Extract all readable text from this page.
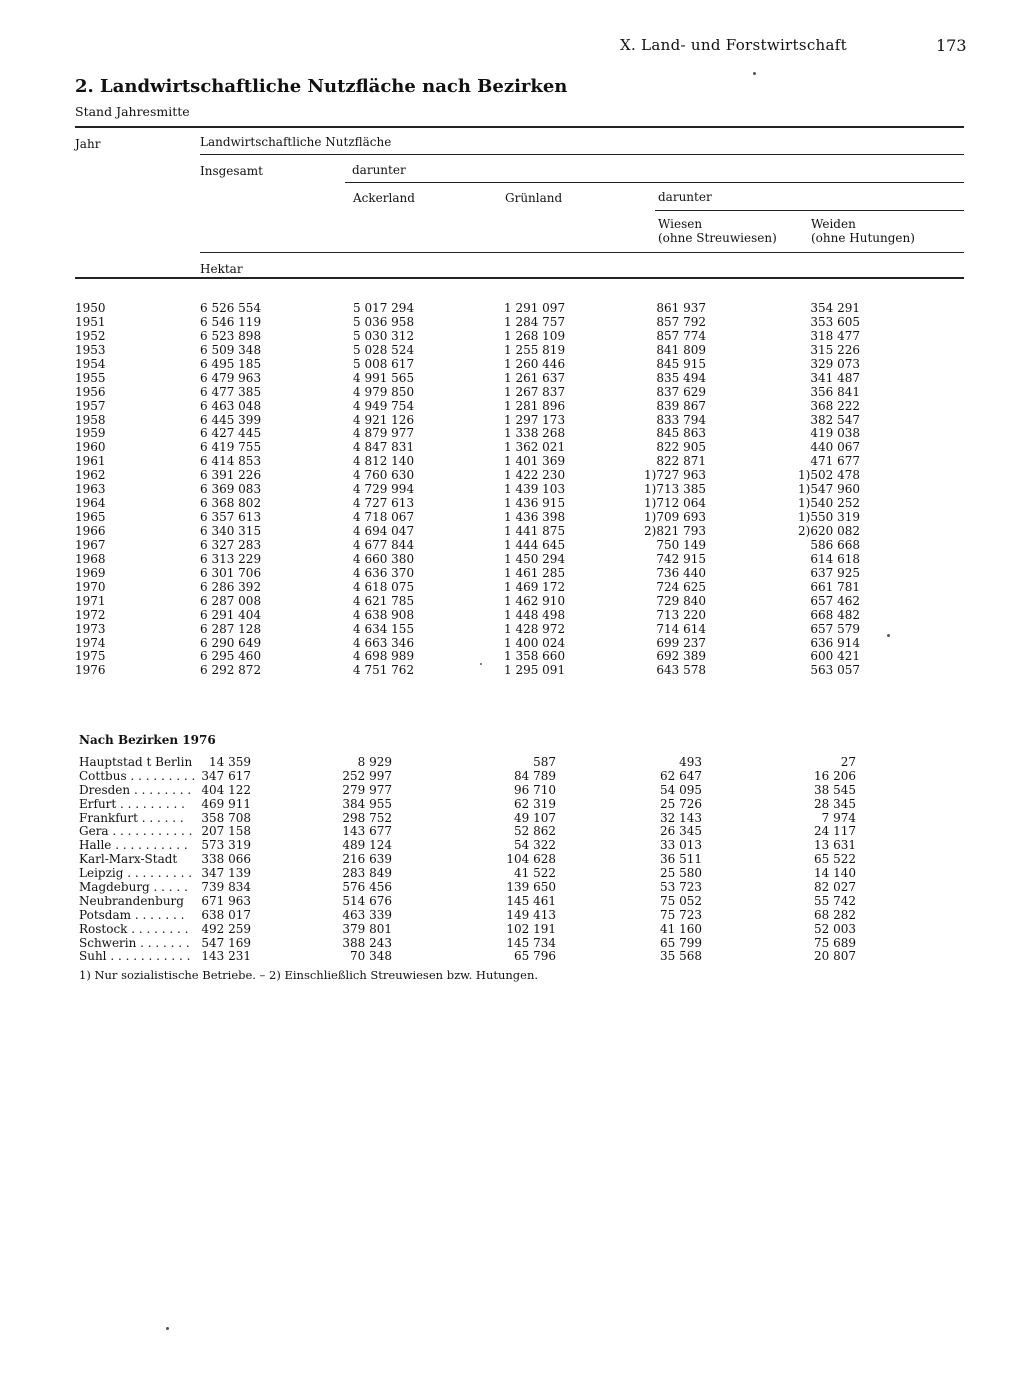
X. Land- und Forstwirtschaft	173
2. Landwirtschaftliche Nutzfläche nach Bezirken
Stand Jahresmitte
Jahr	Landwirtschaftliche Nutzfläche
Insgesamt	darunter
Ackerland	Grünland	darunter
Wiesen
(ohne Streuwiesen)
Weiden
(ohne Hutungen)
Hektar
1950	6 526 554	5 017 294	1 291 097	861 937	354 291
1951	6 546 119	5 036 958	1 284 757	857 792	353 605
1952	6 523 898	5 030 312	1 268 109	857 774	318 477
1953	6 509 348	5 028 524	1 255 819	841 809	315 226
1954	6 495 185	5 008 617	1 260 446	845 915	329 073
1955	6 479 963	4 991 565	1 261 637	835 494	341 487
1956	6 477 385	4 979 850	1 267 837	837 629	356 841
1957	6 463 048	4 949 754	1 281 896	839 867	368 222
1958	6 445 399	4 921 126	1 297 173	833 794	382 547
1959	6 427 445	4 879 977	1 338 268	845 863	419 038
1960	6 419 755	4 847 831	1 362 021	822 905	440 067
1961	6 414 853	4 812 140	1 401 369	822 871	471 677
1962	6 391 226	4 760 630	1 422 230	1)727 963	1)502 478
1963	6 369 083	4 729 994	1 439 103	1)713 385	1)547 960
1964	6 368 802	4 727 613	1 436 915	1)712 064	1)540 252
1965	6 357 613	4 718 067	1 436 398	1)709 693	1)550 319
1966	6 340 315	4 694 047	1 441 875	2)821 793	2)620 082
1967	6 327 283	4 677 844	1 444 645	750 149	586 668
1968	6 313 229	4 660 380	1 450 294	742 915	614 618
1969	6 301 706	4 636 370	1 461 285	736 440	637 925
1970	6 286 392	4 618 075	1 469 172	724 625	661 781
1971	6 287 008	4 621 785	1 462 910	729 840	657 462
1972	6 291 404	4 638 908	1 448 498	713 220	668 482
1973	6 287 128	4 634 155	1 428 972	714 614	657 579
1974	6 290 649	4 663 346	1 400 024	699 237	636 914
1975	6 295 460	4 698 989	1 358 660	692 389	600 421
1976	6 292 872	4 751 762	1 295 091	643 578	563 057
Nach Bezirken 1976
Hauptstad t Berlin	14 359	8 929	587	493	27
Cottbus . . . . . . . . . 347 617	252 997	84 789	62 647	16 206
Dresden . . . . . . . . 404 122	279 977	96 710	54 095	38 545
Erfurt . . . . . . . . .	469 911	384 955	62 319	25 726	28 345
Frankfurt . . . . . .	358 708	298 752	49 107	32 143	7 974
Gera . . . . . . . . . . . 207 158	143 677	52 862	26 345	24 117
Halle . . . . . . . . . .	573 319	489 124	54 322	33 013	13 631
Karl-Marx-Stadt	338 066	216 639	104 628	36 511	65 522
Leipzig . . . . . . . . . 347 139	283 849	41 522	25 580	14 140
Magdeburg . . . . .	739 834	576 456	139 650	53 723	82 027
Neubrandenburg	671 963	514 676	145 461	75 052	55 742
Potsdam . . . . . . .	638 017	463 339	149 413	75 723	68 282
Rostock . . . . . . . .	492 259	379 801	102 191	41 160	52 003
Schwerin . . . . . . . 547 169	388 243	145 734	65 799	75 689
Suhl . . . . . . . . . . . 143 231	70 348	65 796	35 568	20 807
1) Nur sozialistische Betriebe. – 2) Einschließlich Streuwiesen bzw. Hutungen.
